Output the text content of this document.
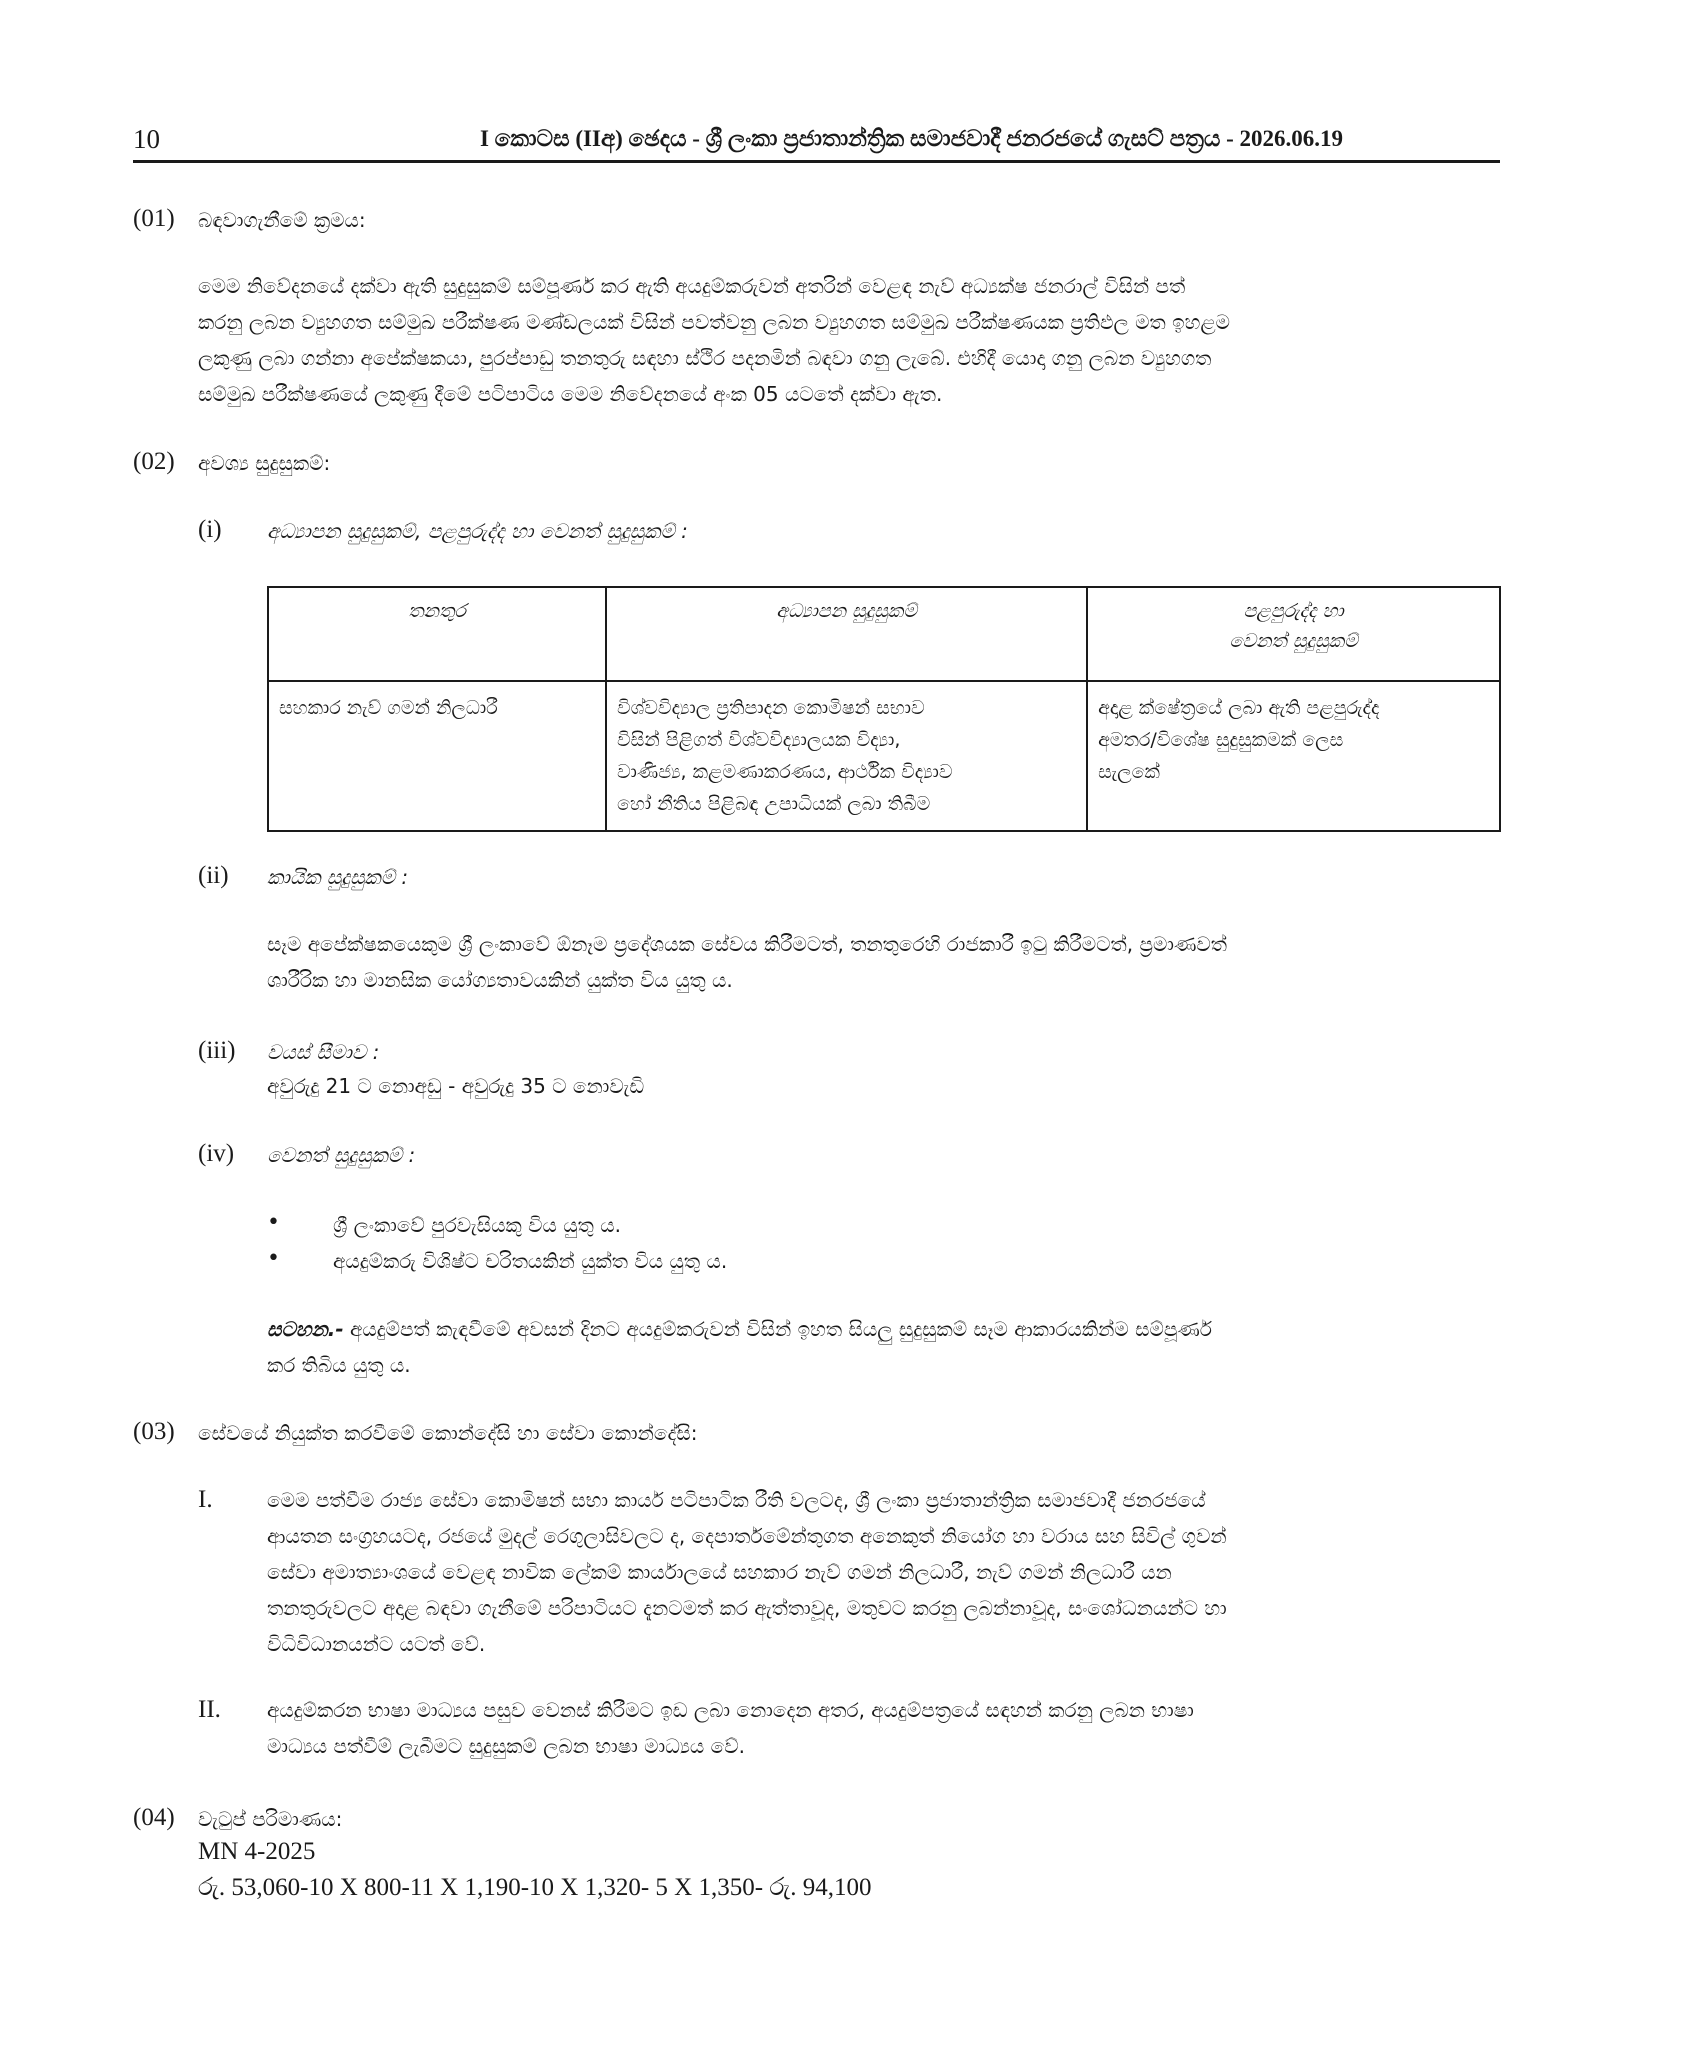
10	I කොටස (IIඅ) ඡෙදය - ශ්‍රී ලංකා ප්‍රජාතාන්ත්‍රික සමාජවාදී ජනරජයේ ගැසට් පත්‍රය - 2026.06.19
(01) බඳවාගැනීමේ ක්‍රමය:
මෙම නිවේදනයේ දක්වා ඇති සුදුසුකම් සම්පූර්ණ කර ඇති අයදුම්කරුවන් අතරින් වෙළඳ නැව් අධ්‍යක්ෂ ජනරාල් විසින් පත්
කරනු ලබන ව්‍යුහගත සම්මුඛ පරීක්ෂණ මණ්ඩලයක් විසින් පවත්වනු ලබන ව්‍යුහගත සම්මුඛ පරීක්ෂණයක ප්‍රතිඵල මත ඉහළම
ලකුණු ලබා ගන්නා අපේක්ෂකයා, පුරප්පාඩු තනතුරු සඳහා ස්ථිර පදනමින් බඳවා ගනු ලැබේ. එහිදී යොදා ගනු ලබන ව්‍යුහගත
සම්මුඛ පරීක්ෂණයේ ලකුණු දීමේ පටිපාටිය මෙම නිවේදනයේ අංක 05 යටතේ දක්වා ඇත.
(02) අවශ්‍ය සුදුසුකම්:
(i) අධ්‍යාපන සුදුසුකම්, පළපුරුද්ද හා වෙනත් සුදුසුකම් :
තනතුර	අධ්‍යාපන සුදුසුකම්	පළපුරුද්ද හා
වෙනත් සුදුසුකම්

සහකාර නැව් ගමන් නිලධාරී	විශ්වවිද්‍යාල ප්‍රතිපාදන කොමිෂන් සභාව
විසින් පිළිගත් විශ්වවිද්‍යාලයක විද්‍යා,
වාණිජ්‍ය, කළමණාකරණය, ආර්ථික විද්‍යාව
හෝ නීතිය පිළිබඳ උපාධියක් ලබා තිබීම	අදාළ ක්ෂේත්‍රයේ ලබා ඇති පළපුරුද්ද
අමතර/විශේෂ සුදුසුකමක් ලෙස
සැලකේ
(ii) කායික සුදුසුකම් :
සෑම අපේක්ෂකයෙකුම ශ්‍රී ලංකාවේ ඕනෑම ප්‍රදේශයක සේවය කිරීමටත්, තනතුරෙහි රාජකාරී ඉටු කිරීමටත්, ප්‍රමාණවත්
ශාරීරික හා මානසික යෝග්‍යතාවයකින් යුක්ත විය යුතු ය.
(iii) වයස් සීමාව :
අවුරුදු 21 ට නොඅඩු - අවුරුදු 35 ට නොවැඩි
(iv) වෙනත් සුදුසුකම් :
•	ශ්‍රී ලංකාවේ පුරවැසියකු විය යුතු ය.
•	අයදුම්කරු විශිෂ්ට චරිතයකින් යුක්ත විය යුතු ය.
සටහන.- අයදුම්පත් කැඳවීමේ අවසන් දිනට අයදුම්කරුවන් විසින් ඉහත සියලු සුදුසුකම් සෑම ආකාරයකින්ම සම්පූර්ණ
කර තිබිය යුතු ය.
(03) සේවයේ නියුක්ත කරවීමේ කොන්දේසි හා සේවා කොන්දේසි:
I.	මෙම පත්වීම රාජ්‍ය සේවා කොමිෂන් සභා කාර්ය පටිපාටික රීති වලටද, ශ්‍රී ලංකා ප්‍රජාතාන්ත්‍රික සමාජවාදී ජනරජයේ
ආයතන සංග්‍රහයටද, රජයේ මුදල් රෙගුලාසිවලට ද, දෙපාර්තමේන්තුගත අනෙකුත් නියෝග හා වරාය සහ සිවිල් ගුවන්
සේවා අමාත්‍යාංශයේ වෙළඳ නාවික ලේකම් කාර්යාලයේ සහකාර නැව් ගමන් නිලධාරී, නැව් ගමන් නිලධාරී යන
තනතුරුවලට අදාළ බඳවා ගැනීමේ පරිපාටියට දැනටමත් කර ඇත්තාවූද, මතුවට කරනු ලබන්නාවූද, සංශෝධනයන්ට හා
විධිවිධානයන්ට යටත් වේ.
II. අයදුම්කරන භාෂා මාධ්‍යය පසුව වෙනස් කිරීමට ඉඩ ලබා නොදෙන අතර, අයදුම්පත්‍රයේ සඳහන් කරනු ලබන භාෂා
මාධ්‍යය පත්වීම් ලැබීමට සුදුසුකම් ලබන භාෂා මාධ්‍යය වේ.
(04) වැටුප් පරිමාණය:
MN 4-2025
රු. 53,060-10 X 800-11 X 1,190-10 X 1,320- 5 X 1,350- රු. 94,100
